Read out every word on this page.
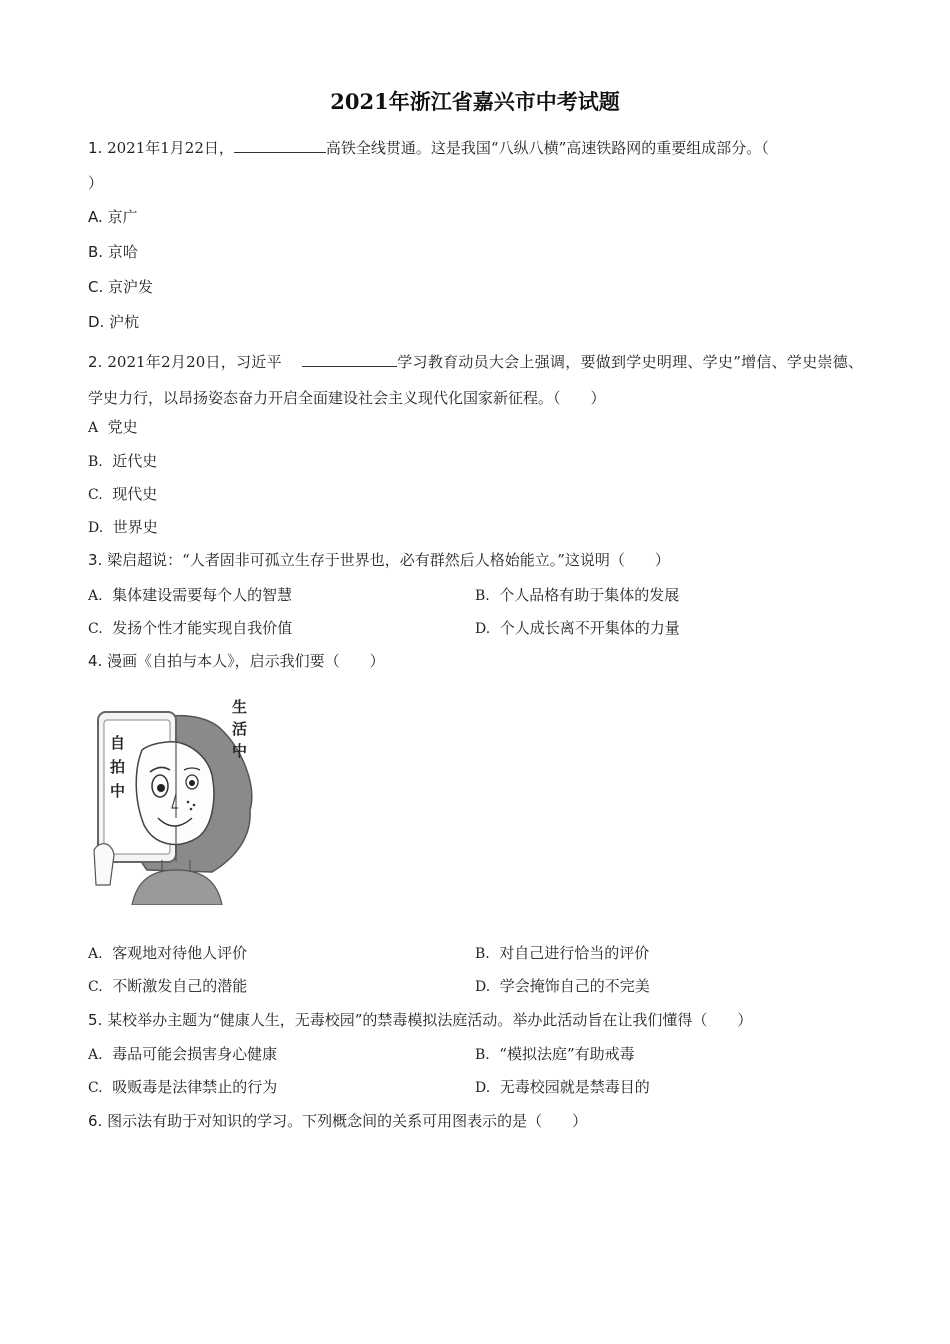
2021年浙江省嘉兴市中考试题
1. 2021年1月22日，	高铁全线贯通。这是我国“八纵八横”高速铁路网的重要组成部分。（
）
A. 京广
B. 京哈
C. 京沪发
D. 沪杭
2. 2021年2月20日，习近平	学习教育动员大会上强调，要做到学史明理、学史”增信、学史崇德、学史力行，以昂扬姿态奋力开启全面建设社会主义现代化国家新征程。（　　）
A 党史
B. 近代史
C. 现代史
D. 世界史
3. 梁启超说：“人者固非可孤立生存于世界也，必有群然后人格始能立。”这说明（　　）
A. 集体建设需要每个人的智慧	B. 个人品格有助于集体的发展
C. 发扬个性才能实现自我价值	D. 个人成长离不开集体的力量
4. 漫画《自拍与本人》，启示我们要（　　）
自
拍
中
生
活
中
A. 客观地对待他人评价	B. 对自己进行恰当的评价
C. 不断激发自己的潜能	D. 学会掩饰自己的不完美
5. 某校举办主题为“健康人生，无毒校园”的禁毒模拟法庭活动。举办此活动旨在让我们懂得（　　）
A. 毒品可能会损害身心健康	B. “模拟法庭”有助戒毒
C. 吸贩毒是法律禁止的行为	D. 无毒校园就是禁毒目的
6. 图示法有助于对知识的学习。下列概念间的关系可用图表示的是（　　）
